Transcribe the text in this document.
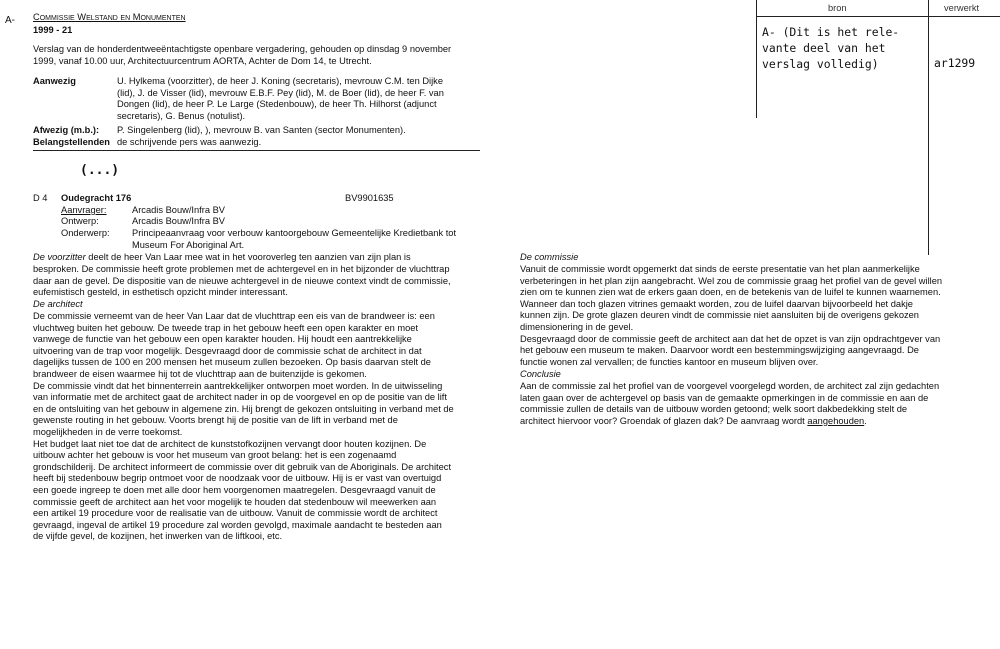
A- Commissie Welstand en Monumenten
1999 - 21
Verslag van de honderdentweeëntachtigste openbare vergadering, gehouden op dinsdag 9 november
1999, vanaf 10.00 uur, Architectuurcentrum AORTA, Achter de Dom 14, te Utrecht.
Aanwezig	U. Hylkema (voorzitter), de heer J. Koning (secretaris), mevrouw C.M. ten Dijke
(lid), J. de Visser (lid), mevrouw E.B.F. Pey (lid), M. de Boer (lid), de heer F. van
Dongen (lid), de heer P. Le Large (Stedenbouw), de heer Th. Hilhorst (adjunct
secretaris), G. Benus (notulist).
Afwezig (m.b.): P. Singelenberg (lid), ), mevrouw B. van Santen (sector Monumenten).
Belangstellenden de schrijvende pers was aanwezig.
(...)
bron	verwerkt
A- (Dit is het rele-
vante deel van het
verslag volledig)	ar1299
D 4 Oudegracht 176	BV9901635
Aanvrager:	Arcadis Bouw/Infra BV
Ontwerp:	Arcadis Bouw/Infra BV
Onderwerp: Principeaanvraag voor verbouw kantoorgebouw Gemeentelijke Kredietbank tot
Museum For Aboriginal Art.
De voorzitter deelt de heer Van Laar mee wat in het vooroverleg ten aanzien van zijn plan is
besproken. De commissie heeft grote problemen met de achtergevel en in het bijzonder de vluchttrap
daar aan de gevel. De dispositie van de nieuwe achtergevel in de nieuwe context vindt de commissie,
eufemistisch gesteld, in esthetisch opzicht minder interessant.
De architect
De commissie verneemt van de heer Van Laar dat de vluchttrap een eis van de brandweer is: een
vluchtweg buiten het gebouw. De tweede trap in het gebouw heeft een open karakter en moet
vanwege de functie van het gebouw een open karakter houden. Hij houdt een aantrekkelijke
uitvoering van de trap voor mogelijk. Desgevraagd door de commissie schat de architect in dat
dagelijks tussen de 100 en 200 mensen het museum zullen bezoeken. Op basis daarvan stelt de
brandweer de eisen waarmee hij tot de vluchttrap aan de buitenzijde is gekomen.
De commissie vindt dat het binnenterrein aantrekkelijker ontworpen moet worden. In de uitwisseling
van informatie met de architect gaat de architect nader in op de voorgevel en op de positie van de lift
en de ontsluiting van het gebouw in algemene zin. Hij brengt de gekozen ontsluiting in verband met de
gewenste routing in het gebouw. Voorts brengt hij de positie van de lift in verband met de
mogelijkheden in de verre toekomst.
Het budget laat niet toe dat de architect de kunststofkozijnen vervangt door houten kozijnen. De
uitbouw achter het gebouw is voor het museum van groot belang: het is een zogenaamd
grondschilderij. De architect informeert de commissie over dit gebruik van de Aboriginals. De architect
heeft bij stedenbouw begrip ontmoet voor de noodzaak voor de uitbouw. Hij is er vast van overtuigd
een goede ingreep te doen met alle door hem voorgenomen maatregelen. Desgevraagd vanuit de
commissie geeft de architect aan het voor mogelijk te houden dat stedenbouw wil meewerken aan
een artikel 19 procedure voor de realisatie van de uitbouw. Vanuit de commissie wordt de architect
gevraagd, ingeval de artikel 19 procedure zal worden gevolgd, maximale aandacht te besteden aan
de vijfde gevel, de kozijnen, het inwerken van de liftkooi, etc.
De commissie
Vanuit de commissie wordt opgemerkt dat sinds de eerste presentatie van het plan aanmerkelijke
verbeteringen in het plan zijn aangebracht. Wel zou de commissie graag het profiel van de gevel willen
zien om te kunnen zien wat de erkers gaan doen, en de betekenis van de luifel te kunnen waarnemen.
Wanneer dan toch glazen vitrines gemaakt worden, zou de luifel daarvan bijvoorbeeld het dakje
kunnen zijn. De grote glazen deuren vindt de commissie niet aansluiten bij de overigens gekozen
dimensionering in de gevel.
Desgevraagd door de commissie geeft de architect aan dat het de opzet is van zijn opdrachtgever van
het gebouw een museum te maken. Daarvoor wordt een bestemmingswijziging aangevraagd. De
functie wonen zal vervallen; de functies kantoor en museum blijven over.
Conclusie
Aan de commissie zal het profiel van de voorgevel voorgelegd worden, de architect zal zijn gedachten
laten gaan over de achtergevel op basis van de gemaakte opmerkingen in de commissie en aan de
commissie zullen de details van de uitbouw worden getoond; welk soort dakbedekking stelt de
architect hiervoor voor? Groendak of glazen dak? De aanvraag wordt aangehouden.
